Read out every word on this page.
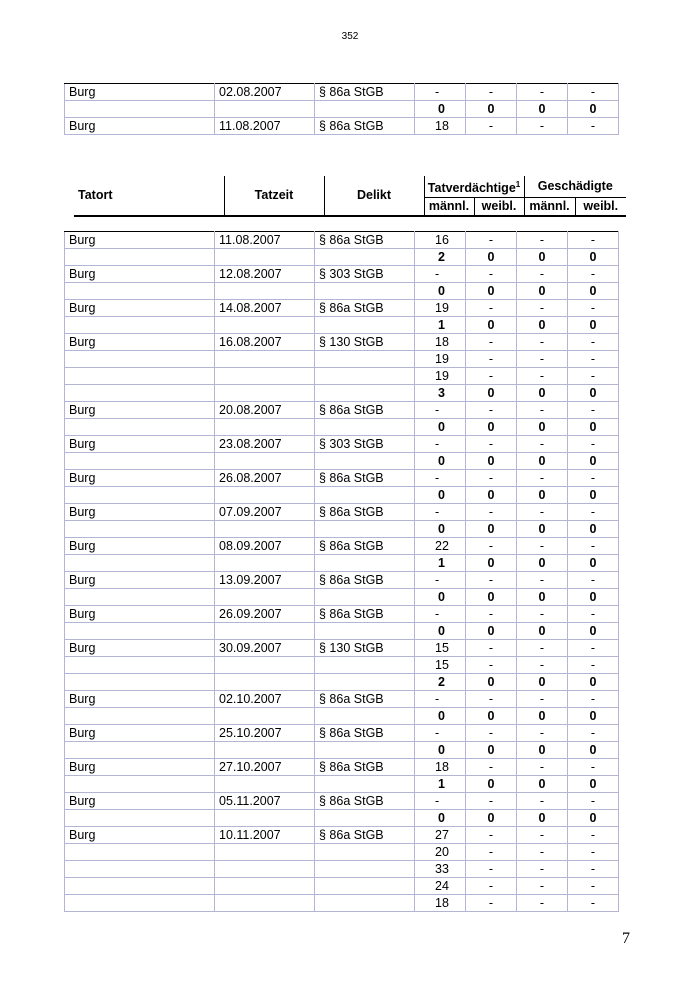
352
Burg	02.08.2007	§ 86a StGB	-	-	-	-
			0	0	0	0
Burg	11.08.2007	§ 86a StGB	18	-	-	-
Tatort	Tatzeit	Delikt	Tatverdächtige$^1$		Geschädigte	
			männl.	weibl.	männl.	weibl.
Burg	11.08.2007	§ 86a StGB	16	-	-	-
			2	0	0	0
Burg	12.08.2007	§ 303 StGB	-	-	-	-
			0	0	0	0
Burg	14.08.2007	§ 86a StGB	19	-	-	-
			1	0	0	0
Burg	16.08.2007	§ 130 StGB	18	-	-	-
			19	-	-	-
			19	-	-	-
			3	0	0	0
Burg	20.08.2007	§ 86a StGB	-	-	-	-
			0	0	0	0
Burg	23.08.2007	§ 303 StGB	-	-	-	-
			0	0	0	0
Burg	26.08.2007	§ 86a StGB	-	-	-	-
			0	0	0	0
Burg	07.09.2007	§ 86a StGB	-	-	-	-
			0	0	0	0
Burg	08.09.2007	§ 86a StGB	22	-	-	-
			1	0	0	0
Burg	13.09.2007	§ 86a StGB	-	-	-	-
			0	0	0	0
Burg	26.09.2007	§ 86a StGB	-	-	-	-
			0	0	0	0
Burg	30.09.2007	§ 130 StGB	15	-	-	-
			15	-	-	-
			2	0	0	0
Burg	02.10.2007	§ 86a StGB	-	-	-	-
			0	0	0	0
Burg	25.10.2007	§ 86a StGB	-	-	-	-
			0	0	0	0
Burg	27.10.2007	§ 86a StGB	18	-	-	-
			1	0	0	0
Burg	05.11.2007	§ 86a StGB	-	-	-	-
			0	0	0	0
Burg	10.11.2007	§ 86a StGB	27	-	-	-
			20	-	-	-
			33	-	-	-
			24	-	-	-
			18	-	-	-
7
